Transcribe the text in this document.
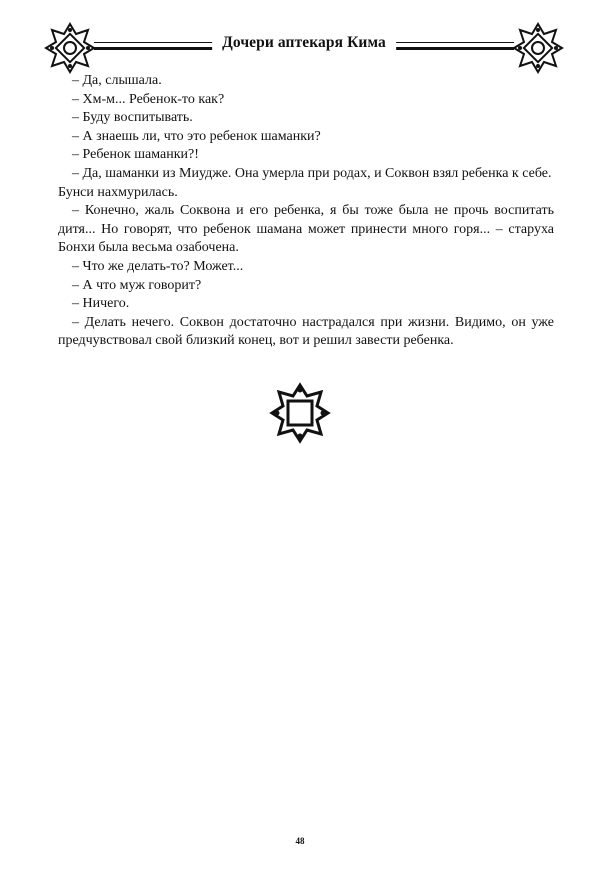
Дочери аптекаря Кима

– Да, слышала.

– Хм-м... Ребенок-то как?

– Буду воспитывать.

– А знаешь ли, что это ребенок шаманки?

– Ребенок шаманки?!

– Да, шаманки из Миудже. Она умерла при родах, и Соквон взял ребенка к себе.

Бунси нахмурилась.

– Конечно, жаль Соквона и его ребенка, я бы тоже была не прочь воспитать дитя... Но говорят, что ребенок шамана может принести много горя... – старуха Бонхи была весьма озабочена.

– Что же делать-то? Может...

– А что муж говорит?

– Ничего.

– Делать нечего. Соквон достаточно настрадался при жизни. Видимо, он уже предчувствовал свой близкий конец, вот и решил завести ребенка.

48
